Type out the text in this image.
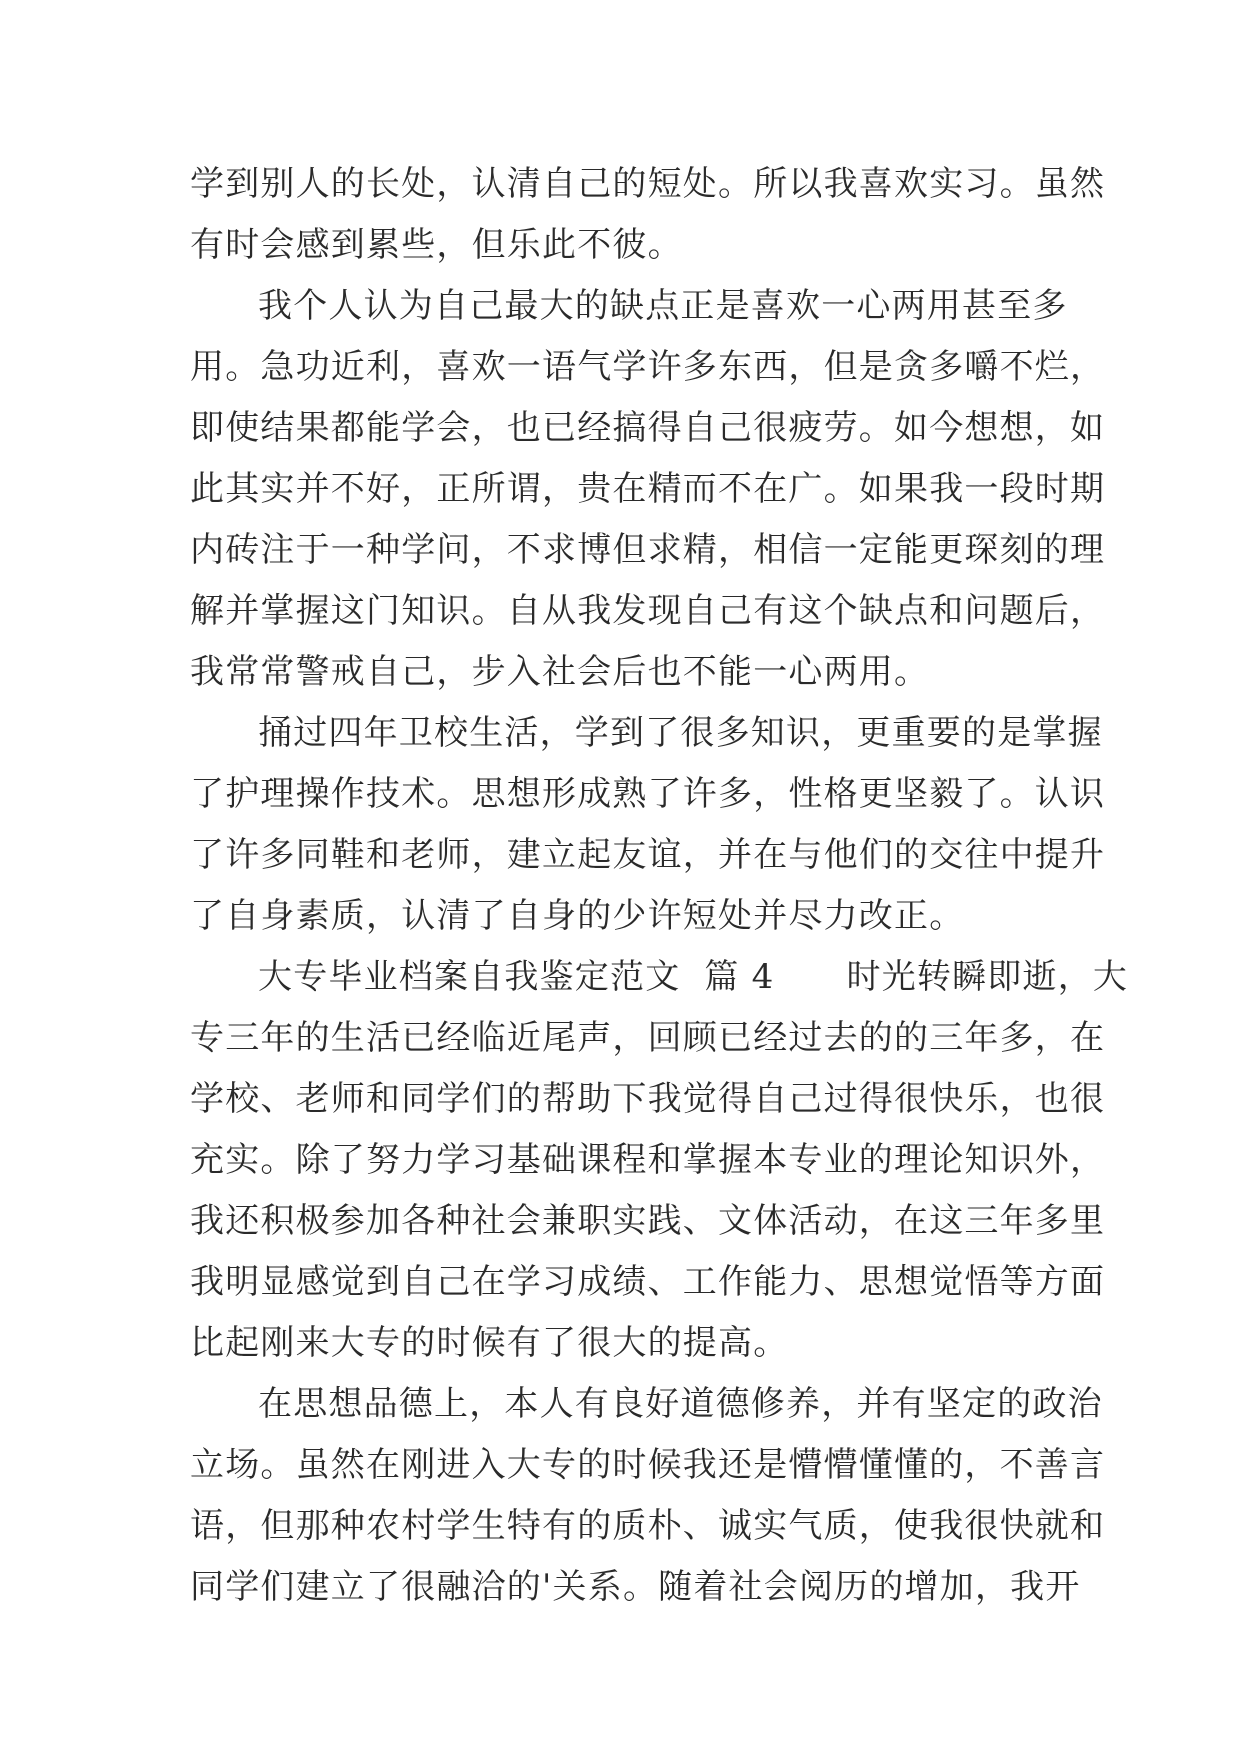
学到别人的长处，认清自己的短处。所以我喜欢实习。虽然
有时会感到累些，但乐此不彼。
我个人认为自己最大的缺点正是喜欢一心两用甚至多
用。急功近利，喜欢一语气学许多东西，但是贪多嚼不烂，
即使结果都能学会，也已经搞得自己很疲劳。如今想想，如
此其实并不好，正所谓，贵在精而不在广。如果我一段时期
内砖注于一种学问，不求博但求精，相信一定能更琛刻的理
解并掌握这门知识。自从我发现自己有这个缺点和问题后，
我常常警戒自己，步入社会后也不能一心两用。
捅过四年卫校生活，学到了很多知识，更重要的是掌握
了护理操作技术。思想形成熟了许多，性格更坚毅了。认识
了许多同鞋和老师，建立起友谊，并在与他们的交往中提升
了自身素质，认清了自身的少许短处并尽力改正。
大专毕业档案自我鉴定范文  篇 4      时光转瞬即逝，大
专三年的生活已经临近尾声，回顾已经过去的的三年多，在
学校、老师和同学们的帮助下我觉得自己过得很快乐，也很
充实。除了努力学习基础课程和掌握本专业的理论知识外，
我还积极参加各种社会兼职实践、文体活动，在这三年多里
我明显感觉到自己在学习成绩、工作能力、思想觉悟等方面
比起刚来大专的时候有了很大的提高。
在思想品德上，本人有良好道德修养，并有坚定的政治
立场。虽然在刚进入大专的时候我还是懵懵懂懂的，不善言
语，但那种农村学生特有的质朴、诚实气质，使我很快就和
同学们建立了很融洽的'关系。随着社会阅历的增加，我开
